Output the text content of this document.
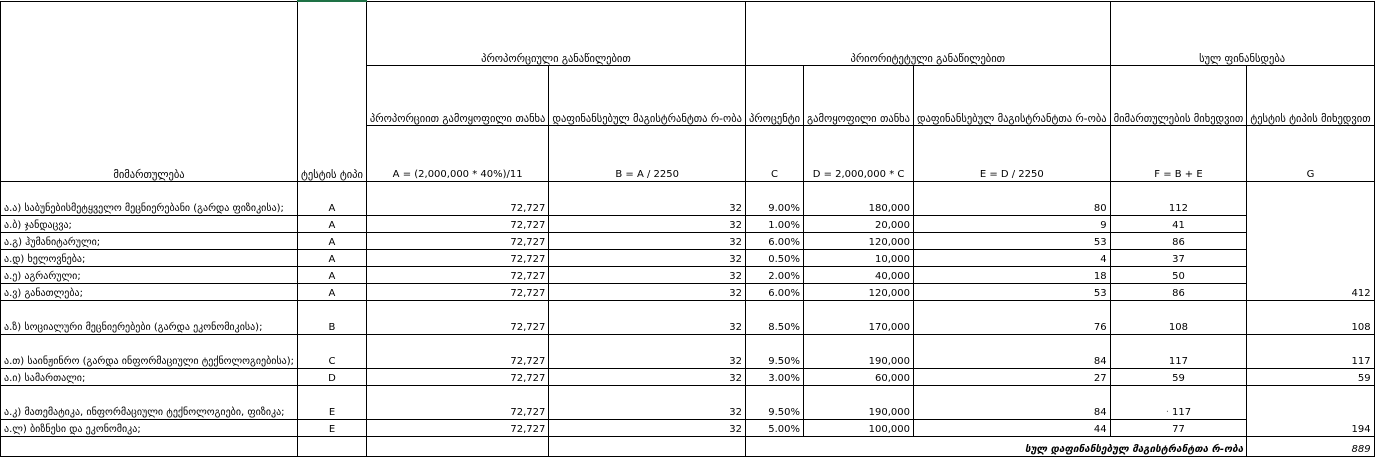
მიმართულება	ტესტის ტიპი	პროპორციული განაწილებით		პრიორიტეტული განაწილებით			სულ ფინანსდება	
		პროპორციით გამოყოფილი თანხა	დაფინანსებულ მაგისტრანტთა რ-ობა	პროცენტი	გამოყოფილი თანხა	დაფინანსებულ მაგისტრანტთა რ-ობა	მიმართულების მიხედვით	ტესტის ტიპის მიხედვით
		A = (2,000,000 * 40%)/11	B = A / 2250	C	D = 2,000,000 * C	E = D / 2250	F = B + E	G
ა.ა) საბუნებისმეტყველო მეცნიერებანი (გარდა ფიზიკისა);	A	72,727	32	9.00%	180,000	80	112	412
ა.ბ) ჯანდაცვა;	A	72,727	32	1.00%	20,000	9	41	
ა.გ) ჰუმანიტარული;	A	72,727	32	6.00%	120,000	53	86	
ა.დ) ხელოვნება;	A	72,727	32	0.50%	10,000	4	37	
ა.ე) აგრარული;	A	72,727	32	2.00%	40,000	18	50	
ა.ვ) განათლება;	A	72,727	32	6.00%	120,000	53	86	
ა.ზ) სოციალური მეცნიერებები (გარდა ეკონომიკისა);	B	72,727	32	8.50%	170,000	76	108	108
ა.თ) საინჟინრო (გარდა ინფორმაციული ტექნოლოგიებისა);	C	72,727	32	9.50%	190,000	84	117	117
ა.ი) სამართალი;	D	72,727	32	3.00%	60,000	27	59	59
ა.კ) მათემატიკა, ინფორმაციული ტექნოლოგიები, ფიზიკა;	E	72,727	32	9.50%	190,000	84	· 117	194
ა.ლ) ბიზნესი და ეკონომიკა;	E	72,727	32	5.00%	100,000	44	77	
				სულ დაფინანსებულ მაგისტრანტთა რ-ობა				889
